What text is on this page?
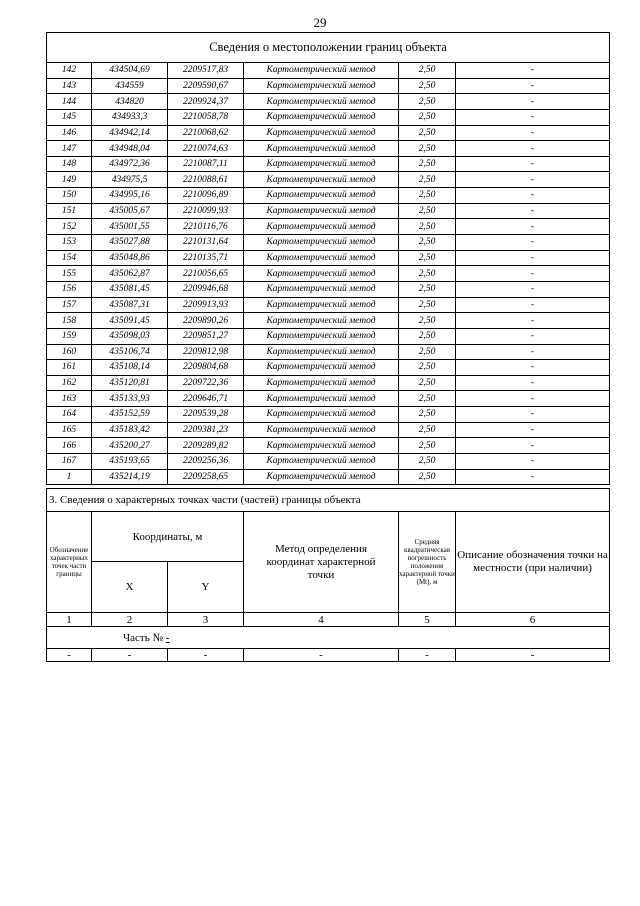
29
Сведения о местоположении границ объекта					
142	434504,69	2209517,83	Картометрический метод	2,50	-
143	434559	2209590,67	Картометрический метод	2,50	-
144	434820	2209924,37	Картометрический метод	2,50	-
145	434933,3	2210058,78	Картометрический метод	2,50	-
146	434942,14	2210068,62	Картометрический метод	2,50	-
147	434948,04	2210074,63	Картометрический метод	2,50	-
148	434972,36	2210087,11	Картометрический метод	2,50	-
149	434975,5	2210088,61	Картометрический метод	2,50	-
150	434995,16	2210096,89	Картометрический метод	2,50	-
151	435005,67	2210099,93	Картометрический метод	2,50	-
152	435001,55	2210116,76	Картометрический метод	2,50	-
153	435027,88	2210131,64	Картометрический метод	2,50	-
154	435048,86	2210135,71	Картометрический метод	2,50	-
155	435062,87	2210056,65	Картометрический метод	2,50	-
156	435081,45	2209946,68	Картометрический метод	2,50	-
157	435087,31	2209913,93	Картометрический метод	2,50	-
158	435091,45	2209890,26	Картометрический метод	2,50	-
159	435098,03	2209851,27	Картометрический метод	2,50	-
160	435106,74	2209812,98	Картометрический метод	2,50	-
161	435108,14	2209804,68	Картометрический метод	2,50	-
162	435120,81	2209722,36	Картометрический метод	2,50	-
163	435133,93	2209646,71	Картометрический метод	2,50	-
164	435152,59	2209539,28	Картометрический метод	2,50	-
165	435183,42	2209381,23	Картометрический метод	2,50	-
166	435200,27	2209289,82	Картометрический метод	2,50	-
167	435193,65	2209256,36	Картометрический метод	2,50	-
1	435214,19	2209258,65	Картометрический метод	2,50	-
3. Сведения о характерных точках части (частей) границы объекта					
Обозначение характерных точек части границы	Координаты, м		Метод определения координат характерной точки	Средняя квадратическая погрешность положения характерной точки (Mt), м	Описание обозначения точки на местности (при наличии)
	X	Y			
1	2	3	4	5	6
Часть № -					
-	-	-	-	-	-
